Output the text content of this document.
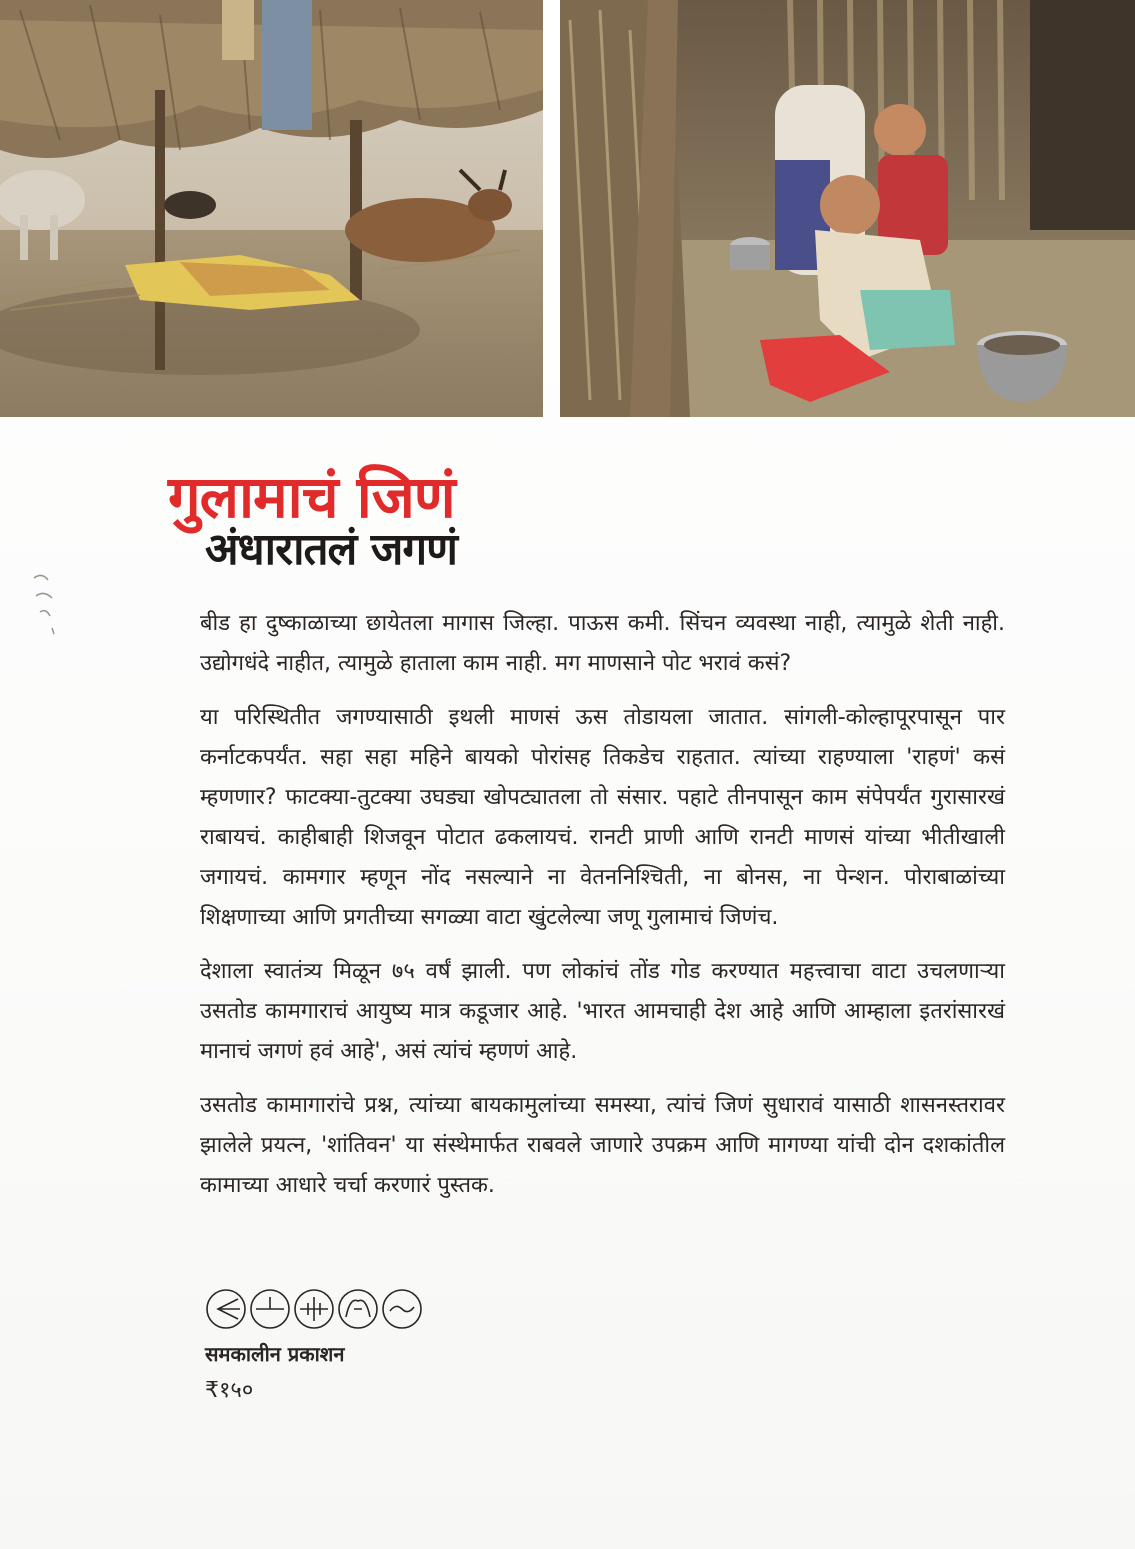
गुलामाचं जिणं
अंधारातलं जगणं

बीड हा दुष्काळाच्या छायेतला मागास जिल्हा. पाऊस कमी. सिंचन व्यवस्था नाही, त्यामुळे शेती नाही. उद्योगधंदे नाहीत, त्यामुळे हाताला काम नाही. मग माणसाने पोट भरावं कसं?

या परिस्थितीत जगण्यासाठी इथली माणसं ऊस तोडायला जातात. सांगली-कोल्हापूरपासून पार कर्नाटकपर्यंत. सहा सहा महिने बायको पोरांसह तिकडेच राहतात. त्यांच्या राहण्याला 'राहणं' कसं म्हणणार? फाटक्या-तुटक्या उघड्या खोपट्यातला तो संसार. पहाटे तीनपासून काम संपेपर्यंत गुरासारखं राबायचं. काहीबाही शिजवून पोटात ढकलायचं. रानटी प्राणी आणि रानटी माणसं यांच्या भीतीखाली जगायचं. कामगार म्हणून नोंद नसल्याने ना वेतननिश्चिती, ना बोनस, ना पेन्शन. पोराबाळांच्या शिक्षणाच्या आणि प्रगतीच्या सगळ्या वाटा खुंटलेल्या जणू गुलामाचं जिणंच.

देशाला स्वातंत्र्य मिळून ७५ वर्षं झाली. पण लोकांचं तोंड गोड करण्यात महत्त्वाचा वाटा उचलणाऱ्या उसतोड कामगाराचं आयुष्य मात्र कडूजार आहे. 'भारत आमचाही देश आहे आणि आम्हाला इतरांसारखं मानाचं जगणं हवं आहे', असं त्यांचं म्हणणं आहे.

उसतोड कामागारांचे प्रश्न, त्यांच्या बायकामुलांच्या समस्या, त्यांचं जिणं सुधारावं यासाठी शासनस्तरावर झालेले प्रयत्न, 'शांतिवन' या संस्थेमार्फत राबवले जाणारे उपक्रम आणि मागण्या यांची दोन दशकांतील कामाच्या आधारे चर्चा करणारं पुस्तक.

समकालीन प्रकाशन
₹१५०
